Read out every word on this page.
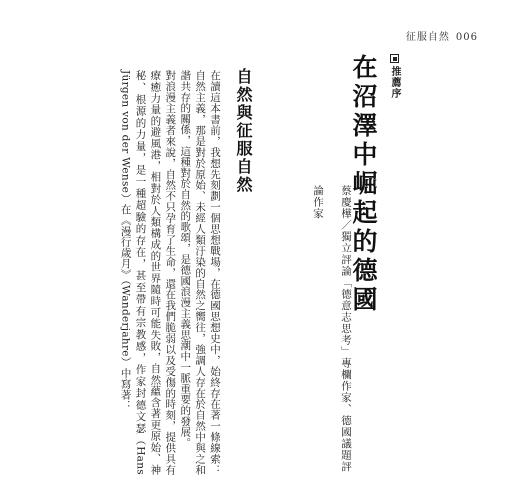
征服自然 006
推薦序
在沼澤中崛起的德國
蔡慶樺／獨立評論「德意志思考」專欄作家、德國議題評論作家
自然與征服自然

在讀這本書前，我想先刻劃一個思想戰場，在德國思想史中，始終存在著一條線索：自然主義，那是對於原始、未經人類汙染的自然之嚮往，強調人存在於自然中與之和諧共存的關係，這種對於自然的歌頌，是德國浪漫主義思潮中一脈重要的發展。

對浪漫主義者來說，自然不只孕育了生命，還在我們脆弱以及受傷的時刻，提供具有療癒力量的避風港，相對於人類構成的世界隨時可能失敗，自然蘊含著更原始、神秘、根源的力量，是一種超驗的存在，甚至帶有宗教感，作家封德文瑟（Hans Jürgen von der Wense）在《漫行歲月》（Wanderjahre）中寫著：
